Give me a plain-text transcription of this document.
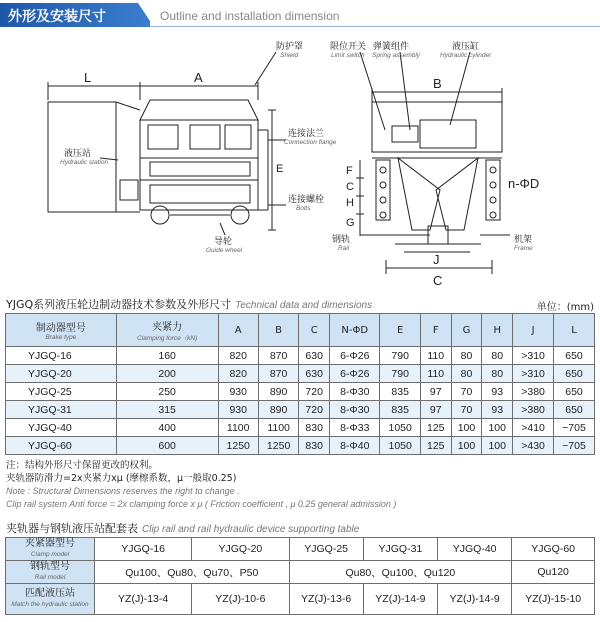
外形及安装尺寸	Outline and installation dimension
防护罩
Shield
限位开关
Limit switch
弹簧组件
Spring assembly
液压缸
Hydraulic cylinder
液压站
Hydraulic station
连接法兰
Connection flange
连接螺栓
Bolts
导轮
Guide wheel
钢轨
Rail
机架
Frame
L	A	B
E
J
C
F
C
H
G
n-ΦD
YJGQ系列液压轮边制动器技术参数及外形尺寸 Technical data and dimensions	单位：(mm)
制动器型号
Brake type	夹紧力
Clamping force（kN)	A	B	C	N-ΦD	E	F	G	H	J	L
YJGQ-16	160	820	870	630	6-Φ26	790	110	80	80	>310	650
YJGQ-20	200	820	870	630	6-Φ26	790	110	80	80	>310	650
YJGQ-25	250	930	890	720	8-Φ30	835	97	70	93	>380	650
YJGQ-31	315	930	890	720	8-Φ30	835	97	70	93	>380	650
YJGQ-40	400	1100	1100	830	8-Φ33	1050	125	100	100	>410	−705
YJGQ-60	600	1250	1250	830	8-Φ40	1050	125	100	100	>430	−705
注：结构外形尺寸保留更改的权利。
夹轨器防滑力=2x夹紧力xμ (摩檫系数，μ一般取0.25)
Note : Structural Dimensions reserves the right to change .
Clip rail system Anti force = 2x clamping force x μ ( Friction coefficient , μ 0.25 general admission )
夹轨器与钢轨液压站配套表 Clip rail and rail hydraulic device supporting table
夹紧器型号
Clamp model	YJGQ-16	YJGQ-20	YJGQ-25	YJGQ-31	YJGQ-40	YJGQ-60
钢轨型号
Rail model	Qu100、Qu80、Qu70、P50		Qu80、Qu100、Qu120			Qu120
匹配液压站
Match the hydraulic station	YZ(J)-13-4	YZ(J)-10-6	YZ(J)-13-6	YZ(J)-14-9	YZ(J)-14-9	YZ(J)-15-10
